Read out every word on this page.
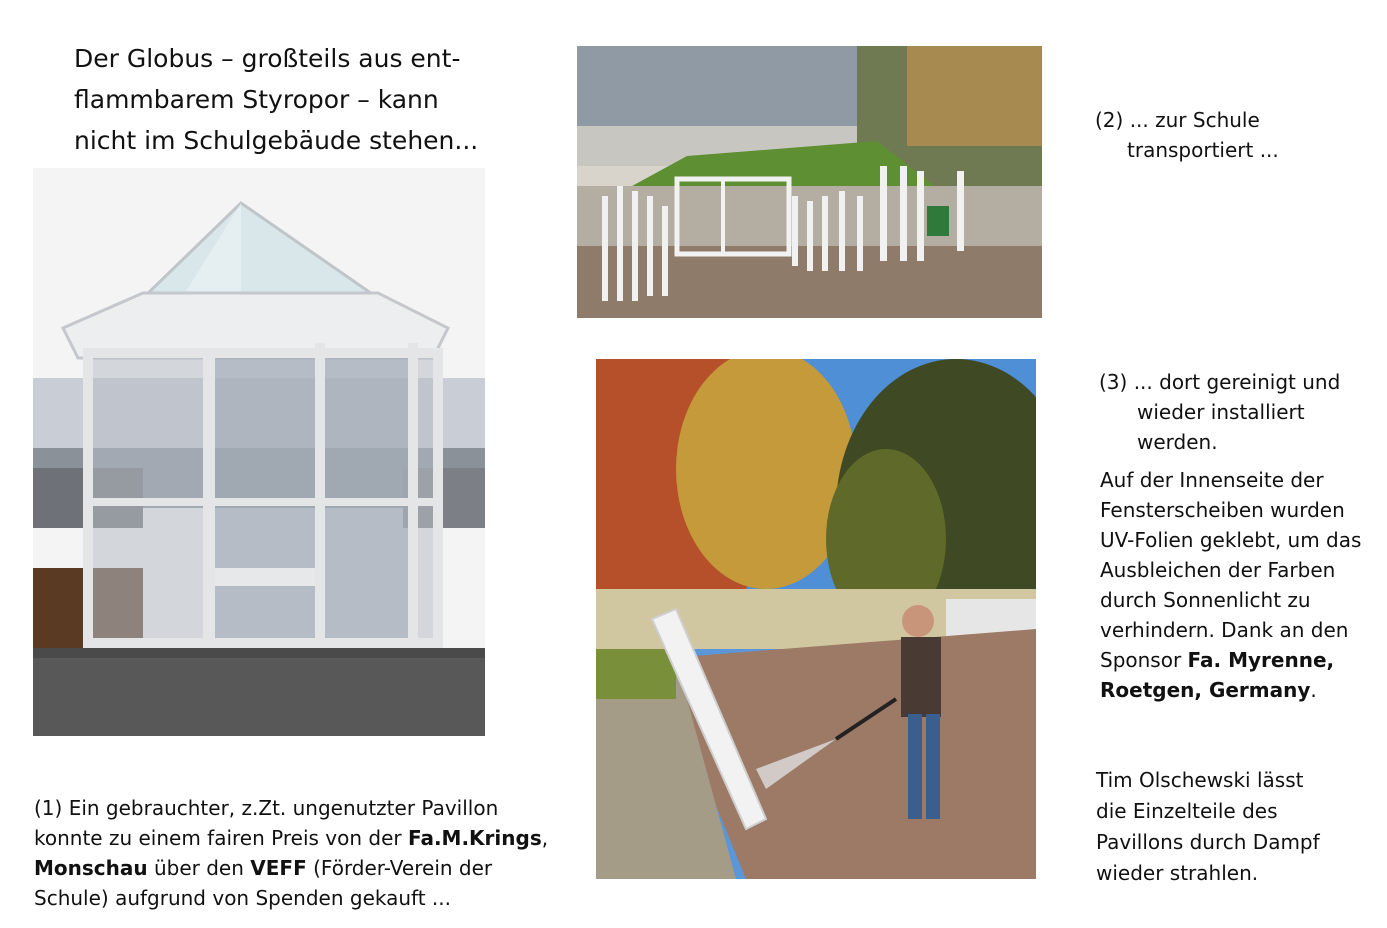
Der Globus – großteils aus ent-
flammbarem Styropor – kann
nicht im Schulgebäude stehen...
(1) Ein gebrauchter, z.Zt. ungenutzter Pavillon
konnte zu einem fairen Preis von der Fa.M.Krings,
Monschau über den VEFF (Förder-Verein der
Schule) aufgrund von Spenden gekauft ...
(2) ... zur Schule
transportiert ...
(3) ... dort gereinigt und
wieder installiert
werden.
Auf der Innenseite der
Fensterscheiben wurden
UV-Folien geklebt, um das
Ausbleichen der Farben
durch Sonnenlicht zu
verhindern. Dank an den
Sponsor Fa. Myrenne,
Roetgen, Germany.
Tim Olschewski lässt
die Einzelteile des
Pavillons durch Dampf
wieder strahlen.
